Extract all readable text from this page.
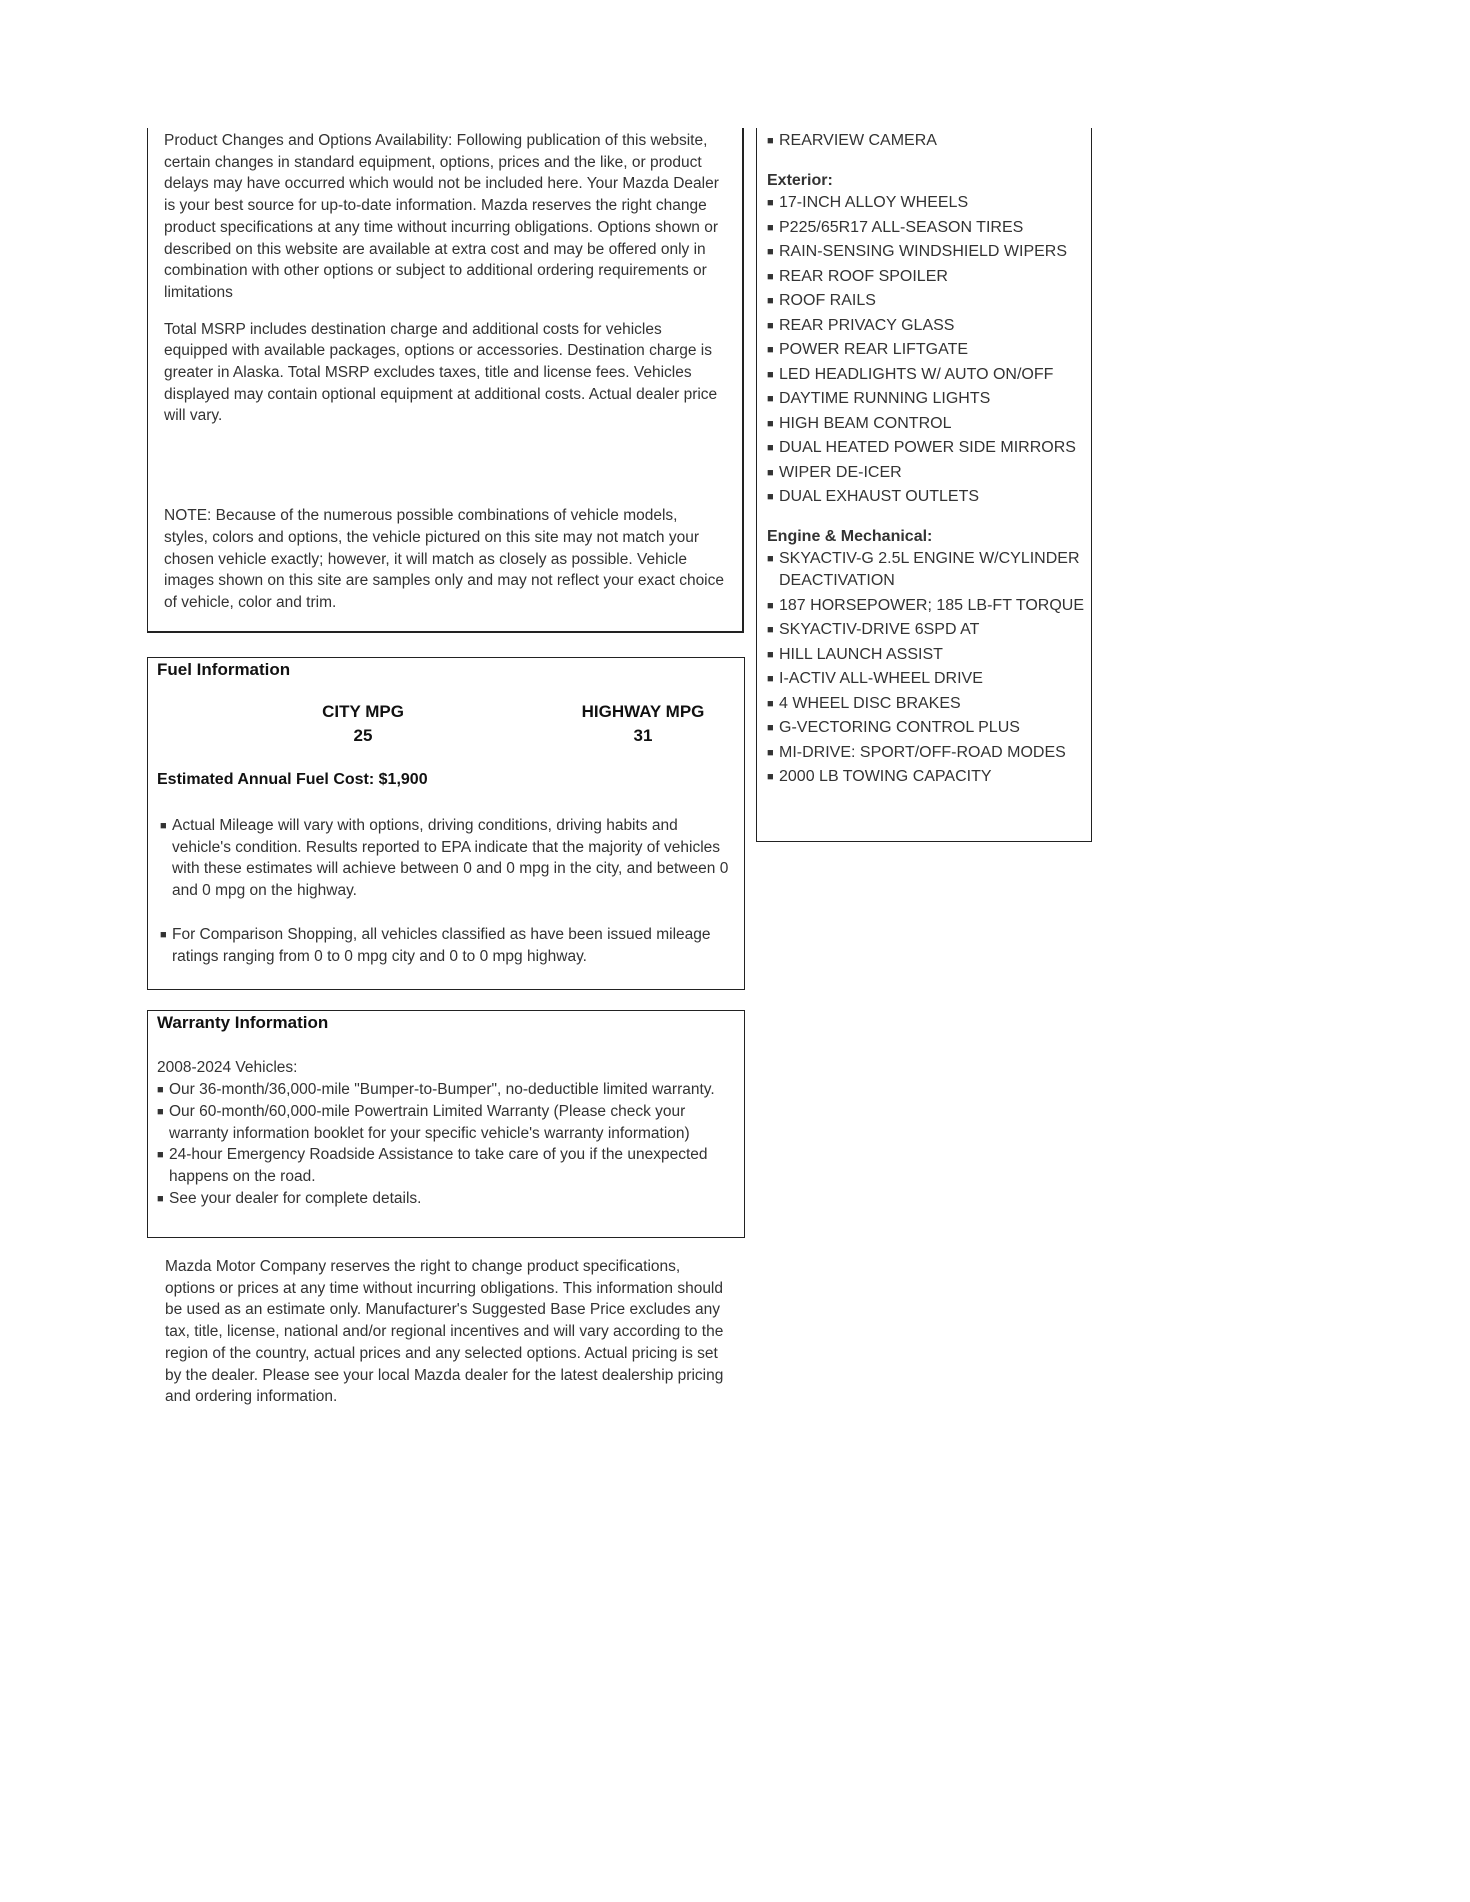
Product Changes and Options Availability: Following publication of this website, certain changes in standard equipment, options, prices and the like, or product delays may have occurred which would not be included here. Your Mazda Dealer is your best source for up-to-date information. Mazda reserves the right change product specifications at any time without incurring obligations. Options shown or described on this website are available at extra cost and may be offered only in combination with other options or subject to additional ordering requirements or limitations

Total MSRP includes destination charge and additional costs for vehicles equipped with available packages, options or accessories. Destination charge is greater in Alaska. Total MSRP excludes taxes, title and license fees. Vehicles displayed may contain optional equipment at additional costs. Actual dealer price will vary.

NOTE: Because of the numerous possible combinations of vehicle models, styles, colors and options, the vehicle pictured on this site may not match your chosen vehicle exactly; however, it will match as closely as possible. Vehicle images shown on this site are samples only and may not reflect your exact choice of vehicle, color and trim.

Fuel Information
CITY MPG
25
HIGHWAY MPG
31
Estimated Annual Fuel Cost: $1,900
■ Actual Mileage will vary with options, driving conditions, driving habits and vehicle's condition. Results reported to EPA indicate that the majority of vehicles with these estimates will achieve between 0 and 0 mpg in the city, and between 0 and 0 mpg on the highway.
■ For Comparison Shopping, all vehicles classified as have been issued mileage ratings ranging from 0 to 0 mpg city and 0 to 0 mpg highway.
Warranty Information
2008-2024 Vehicles:
■ Our 36-month/36,000-mile "Bumper-to-Bumper", no-deductible limited warranty.
■ Our 60-month/60,000-mile Powertrain Limited Warranty (Please check your warranty information booklet for your specific vehicle's warranty information)
■ 24-hour Emergency Roadside Assistance to take care of you if the unexpected happens on the road.
■ See your dealer for complete details.

Mazda Motor Company reserves the right to change product specifications, options or prices at any time without incurring obligations. This information should be used as an estimate only. Manufacturer's Suggested Base Price excludes any tax, title, license, national and/or regional incentives and will vary according to the region of the country, actual prices and any selected options. Actual pricing is set by the dealer. Please see your local Mazda dealer for the latest dealership pricing and ordering information.

■ REARVIEW CAMERA
Exterior:
■ 17-INCH ALLOY WHEELS
■ P225/65R17 ALL-SEASON TIRES
■ RAIN-SENSING WINDSHIELD WIPERS
■ REAR ROOF SPOILER
■ ROOF RAILS
■ REAR PRIVACY GLASS
■ POWER REAR LIFTGATE
■ LED HEADLIGHTS W/ AUTO ON/OFF
■ DAYTIME RUNNING LIGHTS
■ HIGH BEAM CONTROL
■ DUAL HEATED POWER SIDE MIRRORS
■ WIPER DE-ICER
■ DUAL EXHAUST OUTLETS
Engine & Mechanical:
■ SKYACTIV-G 2.5L ENGINE W/CYLINDER DEACTIVATION
■ 187 HORSEPOWER; 185 LB-FT TORQUE
■ SKYACTIV-DRIVE 6SPD AT
■ HILL LAUNCH ASSIST
■ I-ACTIV ALL-WHEEL DRIVE
■ 4 WHEEL DISC BRAKES
■ G-VECTORING CONTROL PLUS
■ MI-DRIVE: SPORT/OFF-ROAD MODES
■ 2000 LB TOWING CAPACITY
